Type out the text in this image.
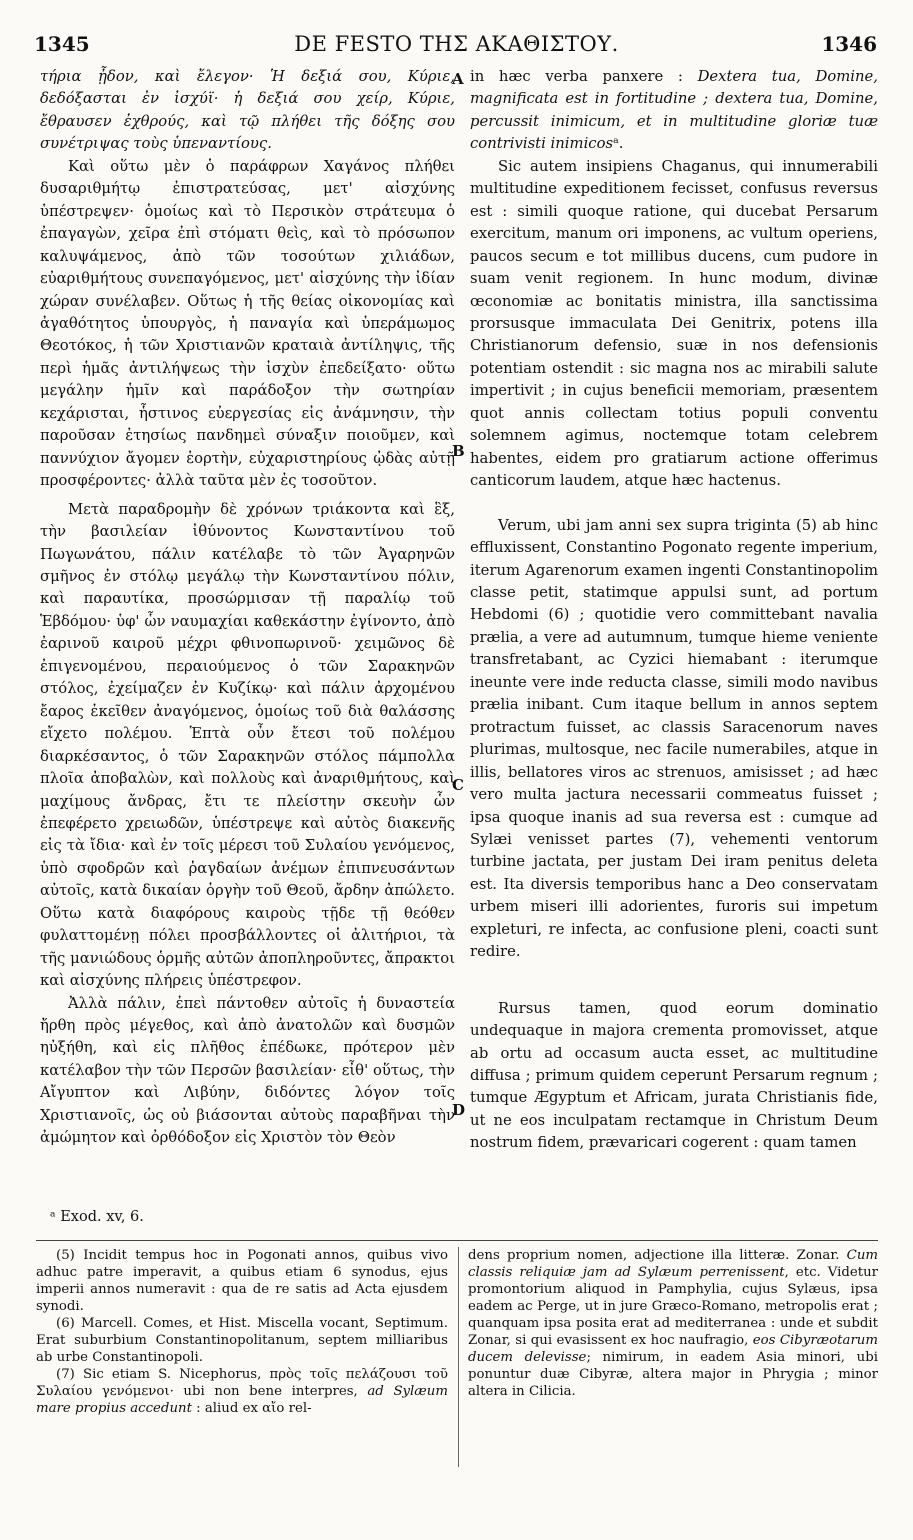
1345	DE FESTO ΤΗΣ ΑΚΑΘΙΣΤΟΥ.	1346

τήρια ᾖδον, καὶ ἔλεγον· Ἡ δεξιά σου, Κύριε, δεδόξασται ἐν ἰσχύϊ· ἡ δεξιά σου χείρ, Κύριε, ἔθραυσεν ἐχθρούς, καὶ τῷ πλήθει τῆς δόξης σου συνέτριψας τοὺς ὑπεναντίους.

Καὶ οὕτω μὲν ὁ παράφρων Χαγάνος πλήθει δυσαριθμήτῳ ἐπιστρατεύσας, μετ' αἰσχύνης ὑπέστρεψεν· ὁμοίως καὶ τὸ Περσικὸν στράτευμα ὁ ἐπαγαγὼν, χεῖρα ἐπὶ στόματι θεὶς, καὶ τὸ πρόσωπον καλυψάμενος, ἀπὸ τῶν τοσούτων χιλιάδων, εὐαριθμήτους συνεπαγόμενος, μετ' αἰσχύνης τὴν ἰδίαν χώραν συνέλαβεν. Οὕτως ἡ τῆς θείας οἰκονομίας καὶ ἀγαθότητος ὑπουργὸς, ἡ παναγία καὶ ὑπεράμωμος Θεοτόκος, ἡ τῶν Χριστιανῶν κραταιὰ ἀντίληψις, τῆς περὶ ἡμᾶς ἀντιλήψεως τὴν ἰσχὺν ἐπεδείξατο· οὕτω μεγάλην ἡμῖν καὶ παράδοξον τὴν σωτηρίαν κεχάρισται, ἧστινος εὐεργεσίας εἰς ἀνάμνησιν, τὴν παροῦσαν ἐτησίως πανδημεὶ σύναξιν ποιοῦμεν, καὶ παννύχιον ἄγομεν ἑορτὴν, εὐχαριστηρίους ᾠδὰς αὐτῇ προσφέροντες· ἀλλὰ ταῦτα μὲν ἐς τοσοῦτον.

Μετὰ παραδρομὴν δὲ χρόνων τριάκοντα καὶ ἓξ, τὴν βασιλείαν ἰθύνοντος Κωνσταντίνου τοῦ Πωγωνάτου, πάλιν κατέλαβε τὸ τῶν Ἀγαρηνῶν σμῆνος ἐν στόλῳ μεγάλῳ τὴν Κωνσταντίνου πόλιν, καὶ παραυτίκα, προσώρμισαν τῇ παραλίῳ τοῦ Ἑβδόμου· ὑφ' ὧν ναυμαχίαι καθεκάστην ἐγίνοντο, ἀπὸ ἐαρινοῦ καιροῦ μέχρι φθινοπωρινοῦ· χειμῶνος δὲ ἐπιγενομένου, περαιούμενος ὁ τῶν Σαρακηνῶν στόλος, ἐχείμαζεν ἐν Κυζίκῳ· καὶ πάλιν ἀρχομένου ἔαρος ἐκεῖθεν ἀναγόμενος, ὁμοίως τοῦ διὰ θαλάσσης εἴχετο πολέμου. Ἑπτὰ οὖν ἔτεσι τοῦ πολέμου διαρκέσαντος, ὁ τῶν Σαρακηνῶν στόλος πάμπολλα πλοῖα ἀποβαλὼν, καὶ πολλοὺς καὶ ἀναριθμήτους, καὶ μαχίμους ἄνδρας, ἔτι τε πλείστην σκευὴν ὧν ἐπεφέρετο χρειωδῶν, ὑπέστρεψε καὶ αὐτὸς διακενῆς εἰς τὰ ἴδια· καὶ ἐν τοῖς μέρεσι τοῦ Συλαίου γενόμενος, ὑπὸ σφοδρῶν καὶ ῥαγδαίων ἀνέμων ἐπιπνευσάντων αὐτοῖς, κατὰ δικαίαν ὀργὴν τοῦ Θεοῦ, ἄρδην ἀπώλετο. Οὕτω κατὰ διαφόρους καιροὺς τῇδε τῇ θεόθεν φυλαττομένῃ πόλει προσβάλλοντες οἱ ἀλιτήριοι, τὰ τῆς μανιώδους ὁρμῆς αὐτῶν ἀποπληροῦντες, ἄπρακτοι καὶ αἰσχύνης πλήρεις ὑπέστρεφον.

Ἀλλὰ πάλιν, ἐπεὶ πάντοθεν αὐτοῖς ἡ δυναστεία ἤρθη πρὸς μέγεθος, καὶ ἀπὸ ἀνατολῶν καὶ δυσμῶν ηὐξήθη, καὶ εἰς πλῆθος ἐπέδωκε, πρότερον μὲν κατέλαβον τὴν τῶν Περσῶν βασιλείαν· εἶθ' οὕτως, τὴν Αἴγυπτον καὶ Λιβύην, διδόντες λόγον τοῖς Χριστιανοῖς, ὡς οὐ βιάσονται αὐτοὺς παραβῆναι τὴν ἀμώμητον καὶ ὀρθόδοξον εἰς Χριστὸν τὸν Θεὸν

A
B
C
D

in hæc verba panxere : Dextera tua, Domine, magnificata est in fortitudine ; dextera tua, Domine, percussit inimicum, et in multitudine gloriæ tuæ contrivisti inimicosᵃ.

Sic autem insipiens Chaganus, qui innumerabili multitudine expeditionem fecisset, confusus reversus est : simili quoque ratione, qui ducebat Persarum exercitum, manum ori imponens, ac vultum operiens, paucos secum e tot millibus ducens, cum pudore in suam venit regionem. In hunc modum, divinæ œconomiæ ac bonitatis ministra, illa sanctissima prorsusque immaculata Dei Genitrix, potens illa Christianorum defensio, suæ in nos defensionis potentiam ostendit : sic magna nos ac mirabili salute impertivit ; in cujus beneficii memoriam, præsentem quot annis collectam totius populi conventu solemnem agimus, noctemque totam celebrem habentes, eidem pro gratiarum actione offerimus canticorum laudem, atque hæc hactenus.

Verum, ubi jam anni sex supra triginta (5) ab hinc effluxissent, Constantino Pogonato regente imperium, iterum Agarenorum examen ingenti Constantinopolim classe petit, statimque appulsi sunt, ad portum Hebdomi (6) ; quotidie vero committebant navalia prælia, a vere ad autumnum, tumque hieme veniente transfretabant, ac Cyzici hiemabant : iterumque ineunte vere inde reducta classe, simili modo navibus prælia inibant. Cum itaque bellum in annos septem protractum fuisset, ac classis Saracenorum naves plurimas, multosque, nec facile numerabiles, atque in illis, bellatores viros ac strenuos, amisisset ; ad hæc vero multa jactura necessarii commeatus fuisset ; ipsa quoque inanis ad sua reversa est : cumque ad Sylæi venisset partes (7), vehementi ventorum turbine jactata, per justam Dei iram penitus deleta est. Ita diversis temporibus hanc a Deo conservatam urbem miseri illi adorientes, furoris sui impetum expleturi, re infecta, ac confusione pleni, coacti sunt redire.

Rursus tamen, quod eorum dominatio undequaque in majora crementa promovisset, atque ab ortu ad occasum aucta esset, ac multitudine diffusa ; primum quidem ceperunt Persarum regnum ; tumque Ægyptum et Africam, jurata Christianis fide, ut ne eos inculpatam rectamque in Christum Deum nostrum fidem, prævaricari cogerent : quam tamen

ᵃ Exod. xv, 6.

(5) Incidit tempus hoc in Pogonati annos, quibus vivo adhuc patre imperavit, a quibus etiam 6 synodus, ejus imperii annos numeravit : qua de re satis ad Acta ejusdem synodi.

(6) Marcell. Comes, et Hist. Miscella vocant, Septimum. Erat suburbium Constantinopolitanum, septem milliaribus ab urbe Constantinopoli.

(7) Sic etiam S. Nicephorus, πρὸς τοῖς πελάζουσι τοῦ Συλαίου γενόμενοι· ubi non bene interpres, ad Sylæum mare propius accedunt : aliud ex αἴο rel-

dens proprium nomen, adjectione illa litteræ. Zonar. Cum classis reliquiæ jam ad Sylæum perrenissent, etc. Videtur promontorium aliquod in Pamphylia, cujus Sylæus, ipsa eadem ac Perge, ut in jure Græco-Romano, metropolis erat ; quanquam ipsa posita erat ad mediterranea : unde et subdit Zonar, si qui evasissent ex hoc naufragio, eos Cibyræotarum ducem delevisse; nimirum, in eadem Asia minori, ubi ponuntur duæ Cibyræ, altera major in Phrygia ; minor altera in Cilicia.
